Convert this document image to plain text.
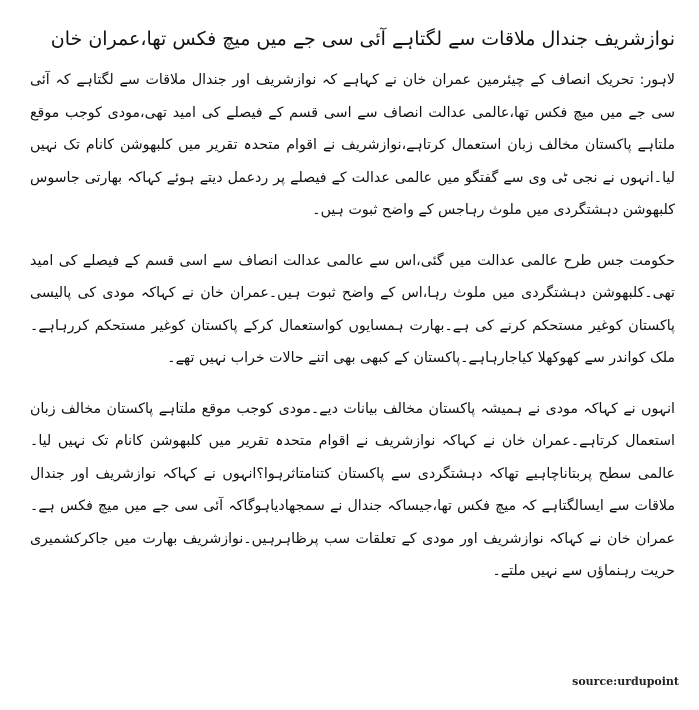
نوازشریف جندال ملاقات سے لگتاہے آئی سی جے میں میچ فکس تھا،عمران خان

لاہور: تحریک انصاف کے چیئرمین عمران خان نے کہاہے کہ نوازشریف اور جندال ملاقات سے لگتاہے کہ آئی سی جے میں میچ فکس تھا،عالمی عدالت انصاف سے اسی قسم کے فیصلے کی امید تھی،مودی کوجب موقع ملتاہے پاکستان مخالف زبان استعمال کرتاہے،نوازشریف نے اقوام متحدہ تقریر میں کلبھوشن کانام تک نہیں لیا۔انہوں نے نجی ٹی وی سے گفتگو میں عالمی عدالت کے فیصلے پر ردعمل دیتے ہوئے کہاکہ بھارتی جاسوس کلبھوشن دہشتگردی میں ملوث رہاجس کے واضح ثبوت ہیں۔

حکومت جس طرح عالمی عدالت میں گئی،اس سے عالمی عدالت انصاف سے اسی قسم کے فیصلے کی امید تھی۔کلبھوشن دہشتگردی میں ملوث رہا،اس کے واضح ثبوت ہیں۔عمران خان نے کہاکہ مودی کی پالیسی پاکستان کوغیر مستحکم کرنے کی ہے۔بھارت ہمسایوں کواستعمال کرکے پاکستان کوغیر مستحکم کررہاہے۔ملک کواندر سے کھوکھلا کیاجارہاہے۔پاکستان کے کبھی بھی اتنے حالات خراب نہیں تھے۔

انہوں نے کہاکہ مودی نے ہمیشہ پاکستان مخالف بیانات دیے۔مودی کوجب موقع ملتاہے پاکستان مخالف زبان استعمال کرتاہے۔عمران خان نے کہاکہ نوازشریف نے اقوام متحدہ تقریر میں کلبھوشن کانام تک نہیں لیا۔عالمی سطح پربتاناچاہیے تھاکہ دہشتگردی سے پاکستان کتنامتاثرہوا؟انہوں نے کہاکہ نوازشریف اور جندال ملاقات سے ایسالگتاہے کہ میچ فکس تھا،جیساکہ جندال نے سمجھادیاہوگاکہ آئی سی جے میں میچ فکس ہے۔عمران خان نے کہاکہ نوازشریف اور مودی کے تعلقات سب پرظاہرہیں۔نوازشریف بھارت میں جاکرکشمیری حریت رہنماؤں سے نہیں ملتے۔

source:urdupoint
